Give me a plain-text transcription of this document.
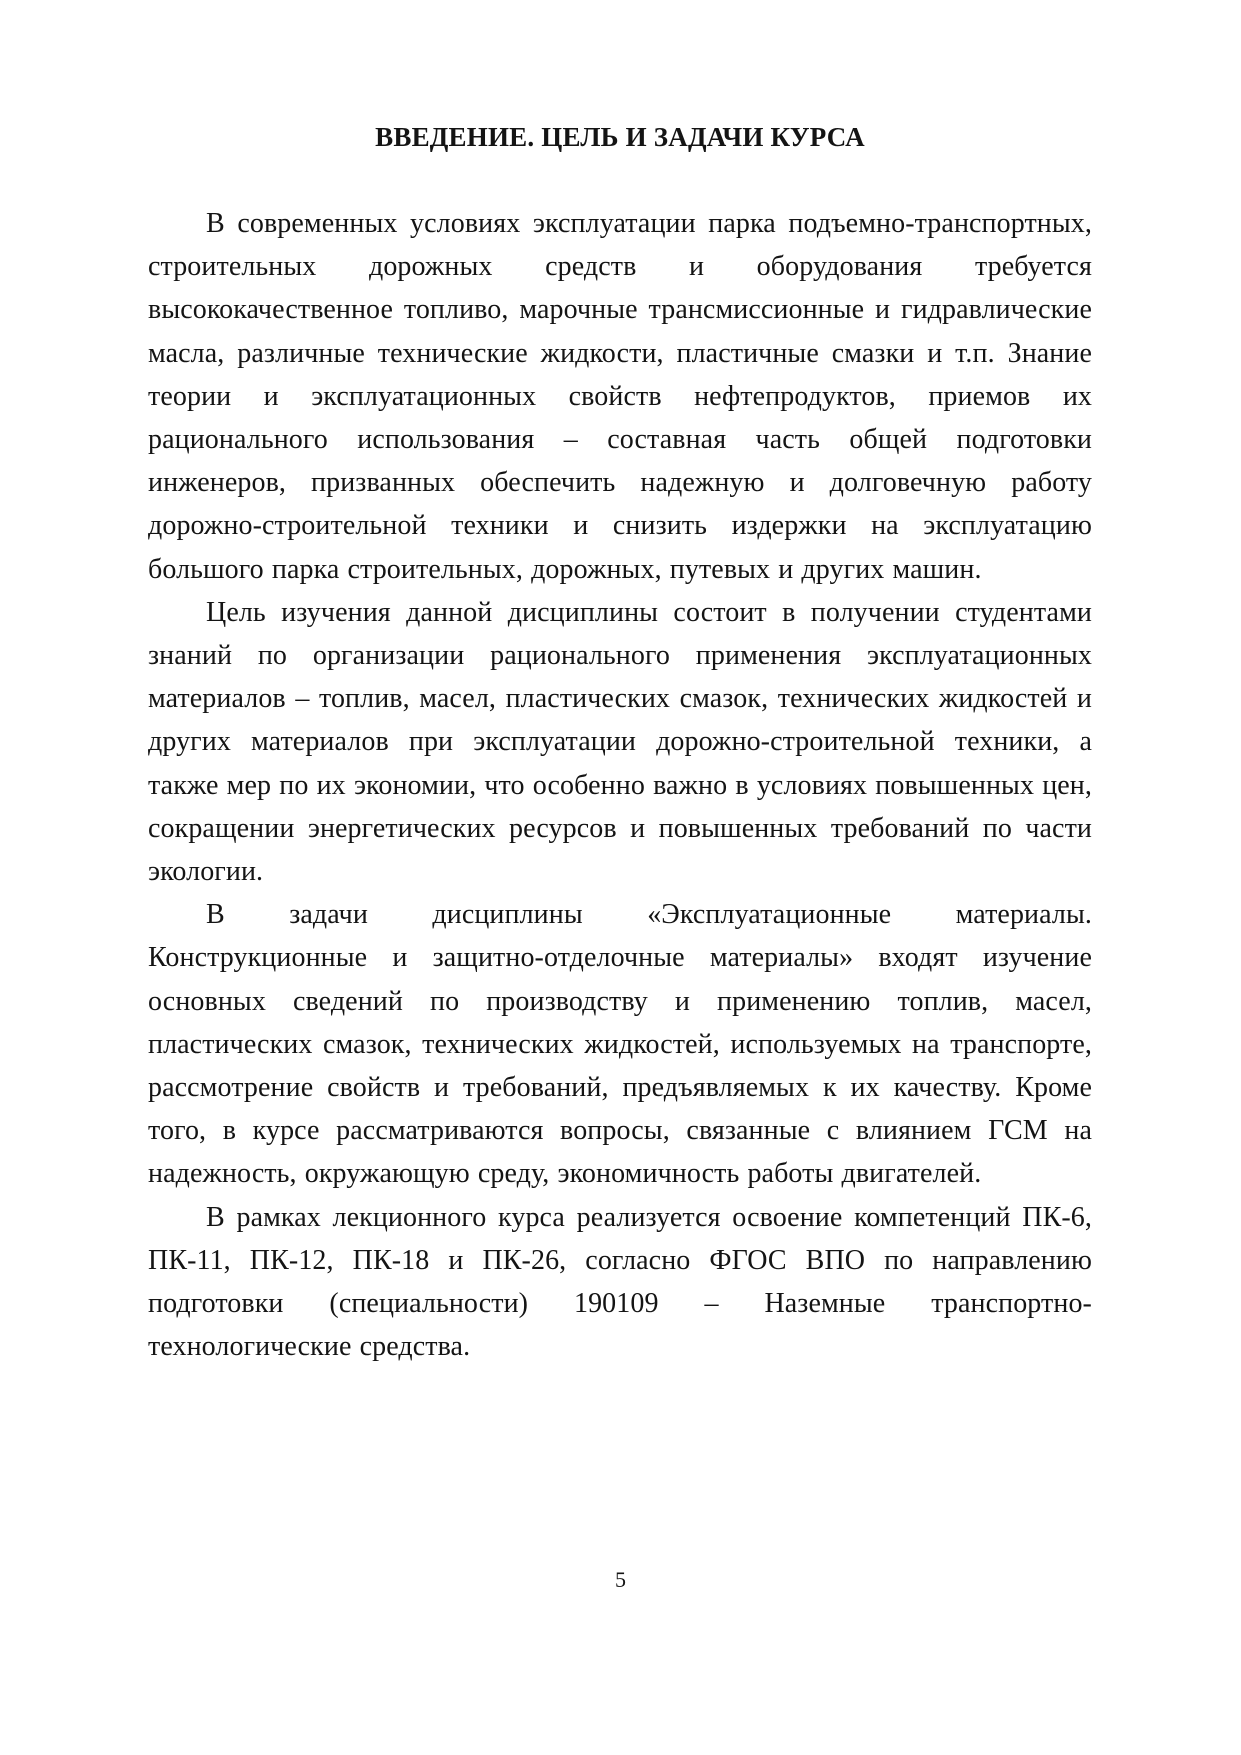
ВВЕДЕНИЕ. ЦЕЛЬ И ЗАДАЧИ КУРСА

В современных условиях эксплуатации парка подъемно-транспортных, строительных дорожных средств и оборудования требуется высококачественное топливо, марочные трансмиссионные и гидравлические масла, различные технические жидкости, пластичные смазки и т.п. Знание теории и эксплуатационных свойств нефтепродуктов, приемов их рационального использования – составная часть общей подготовки инженеров, призванных обеспечить надежную и долговечную работу дорожно-строительной техники и снизить издержки на эксплуатацию большого парка строительных, дорожных, путевых и других машин.

Цель изучения данной дисциплины состоит в получении студентами знаний по организации рационального применения эксплуатационных материалов – топлив, масел, пластических смазок, технических жидкостей и других материалов при эксплуатации дорожно-строительной техники, а также мер по их экономии, что особенно важно в условиях повышенных цен, сокращении энергетических ресурсов и повышенных требований по части экологии.

В задачи дисциплины «Эксплуатационные материалы. Конструкционные и защитно-отделочные материалы» входят изучение основных сведений по производству и применению топлив, масел, пластических смазок, технических жидкостей, используемых на транспорте, рассмотрение свойств и требований, предъявляемых к их качеству. Кроме того, в курсе рассматриваются вопросы, связанные с влиянием ГСМ на надежность, окружающую среду, экономичность работы двигателей.

В рамках лекционного курса реализуется освоение компетенций ПК-6, ПК-11, ПК-12, ПК-18 и ПК-26, согласно ФГОС ВПО по направлению подготовки (специальности) 190109 – Наземные транспортно-технологические средства.

5
